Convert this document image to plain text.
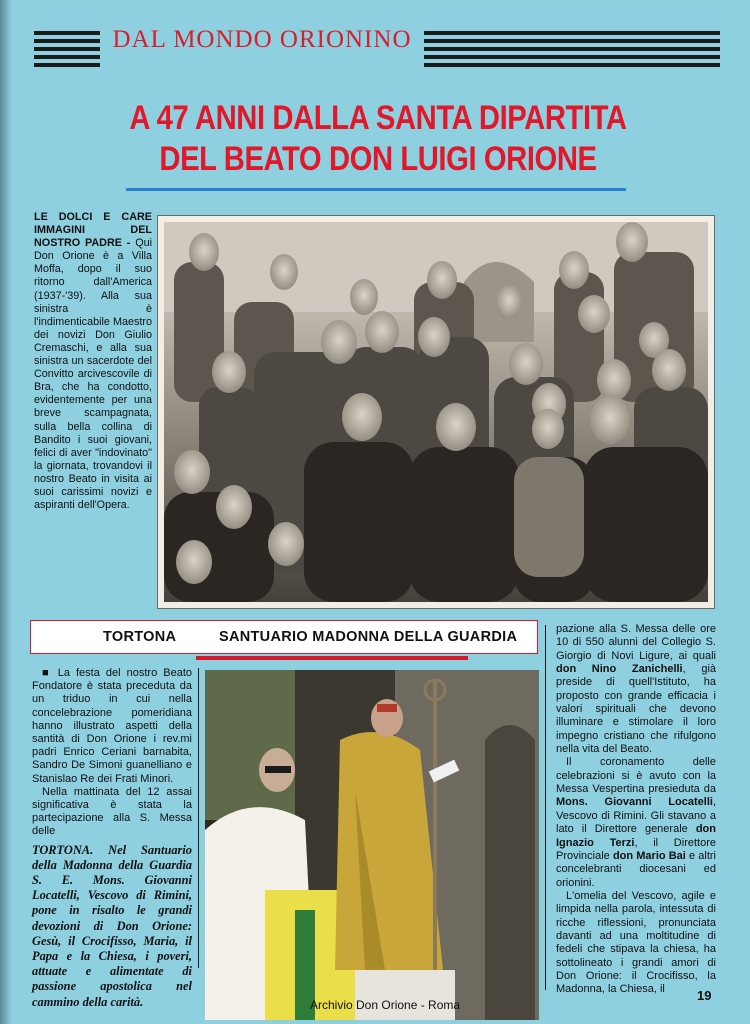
DAL MONDO ORIONINO
A 47 ANNI DALLA SANTA DIPARTITA
DEL BEATO DON LUIGI ORIONE
LE DOLCI E CARE IMMAGINI DEL NOSTRO PADRE - Qui Don Orione è a Villa Moffa, dopo il suo ritorno dall'America (1937-'39). Alla sua sinistra è l'indimenticabile Maestro dei novizi Don Giulio Cremaschi, e alla sua sinistra un sacerdote del Convitto arcivescovile di Bra, che ha condotto, evidentemente per una breve scampagnata, sulla bella collina di Bandito i suoi giovani, felici di aver "indovinato" la giornata, trovandovi il nostro Beato in visita ai suoi carissimi novizi e aspiranti dell'Opera.
TORTONA	SANTUARIO MADONNA DELLA GUARDIA

■ La festa del nostro Beato Fondatore è stata preceduta da un triduo in cui nella concelebrazione pomeridiana hanno illustrato aspetti della santità di Don Orione i rev.mi padri Enrico Ceriani barnabita, Sandro De Simoni guanelliano e Stanislao Re dei Frati Minori.

Nella mattinata del 12 assai significativa è stata la partecipazione alla S. Messa delle

TORTONA. Nel Santuario della Madonna della Guardia S. E. Mons. Giovanni Locatelli, Vescovo di Rimini, pone in risalto le grandi devozioni di Don Orione: Gesù, il Crocifisso, Maria, il Papa e la Chiesa, i poveri, attuate e alimentate di passione apostolica nel cammino della carità.

pazione alla S. Messa delle ore 10 di 550 alunni del Collegio S. Giorgio di Novi Ligure, ai quali don Nino Zanichelli, già preside di quell'Istituto, ha proposto con grande efficacia i valori spirituali che devono illuminare e stimolare il loro impegno cristiano che rifulgono nella vita del Beato.

Il coronamento delle celebrazioni si è avuto con la Messa Vespertina presieduta da Mons. Giovanni Locatelli, Vescovo di Rimini. Gli stavano a lato il Direttore generale don Ignazio Terzi, il Direttore Provinciale don Mario Bai e altri concelebranti diocesani ed orionini.

L'omelia del Vescovo, agile e limpida nella parola, intessuta di ricche riflessioni, pronunciata davanti ad una moltitudine di fedeli che stipava la chiesa, ha sottolineato i grandi amori di Don Orione: il Crocifisso, la Madonna, la Chiesa, il	19
Archivio Don Orione - Roma
